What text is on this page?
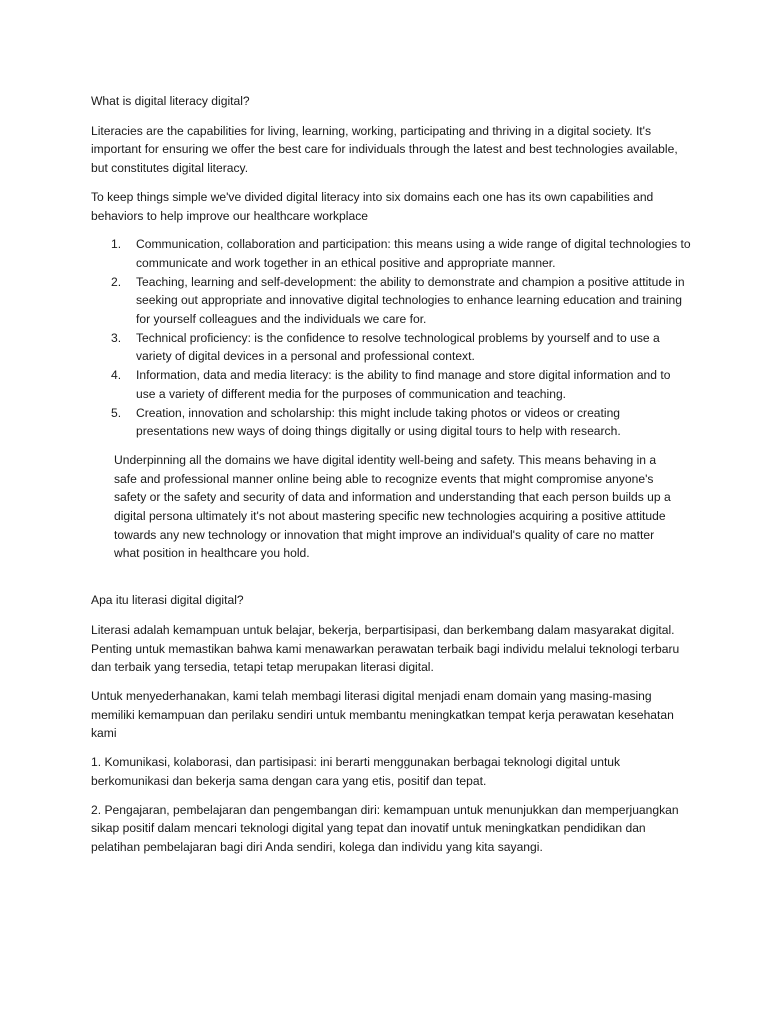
What is digital literacy digital?

Literacies are the capabilities for living, learning, working, participating and thriving in a digital society. It's important for ensuring we offer the best care for individuals through the latest and best technologies available, but constitutes digital literacy.

To keep things simple we've divided digital literacy into six domains each one has its own capabilities and behaviors to help improve our healthcare workplace

1. Communication, collaboration and participation: this means using a wide range of digital technologies to communicate and work together in an ethical positive and appropriate manner.
2. Teaching, learning and self-development: the ability to demonstrate and champion a positive attitude in seeking out appropriate and innovative digital technologies to enhance learning education and training for yourself colleagues and the individuals we care for.
3. Technical proficiency: is the confidence to resolve technological problems by yourself and to use a variety of digital devices in a personal and professional context.
4. Information, data and media literacy: is the ability to find manage and store digital information and to use a variety of different media for the purposes of communication and teaching.
5. Creation, innovation and scholarship: this might include taking photos or videos or creating presentations new ways of doing things digitally or using digital tours to help with research.

Underpinning all the domains we have digital identity well-being and safety. This means behaving in a safe and professional manner online being able to recognize events that might compromise anyone's safety or the safety and security of data and information and understanding that each person builds up a digital persona ultimately it's not about mastering specific new technologies acquiring a positive attitude towards any new technology or innovation that might improve an individual's quality of care no matter what position in healthcare you hold.

Apa itu literasi digital digital?

Literasi adalah kemampuan untuk belajar, bekerja, berpartisipasi, dan berkembang dalam masyarakat digital. Penting untuk memastikan bahwa kami menawarkan perawatan terbaik bagi individu melalui teknologi terbaru dan terbaik yang tersedia, tetapi tetap merupakan literasi digital.

Untuk menyederhanakan, kami telah membagi literasi digital menjadi enam domain yang masing-masing memiliki kemampuan dan perilaku sendiri untuk membantu meningkatkan tempat kerja perawatan kesehatan kami

1. Komunikasi, kolaborasi, dan partisipasi: ini berarti menggunakan berbagai teknologi digital untuk berkomunikasi dan bekerja sama dengan cara yang etis, positif dan tepat.

2. Pengajaran, pembelajaran dan pengembangan diri: kemampuan untuk menunjukkan dan memperjuangkan sikap positif dalam mencari teknologi digital yang tepat dan inovatif untuk meningkatkan pendidikan dan pelatihan pembelajaran bagi diri Anda sendiri, kolega dan individu yang kita sayangi.
